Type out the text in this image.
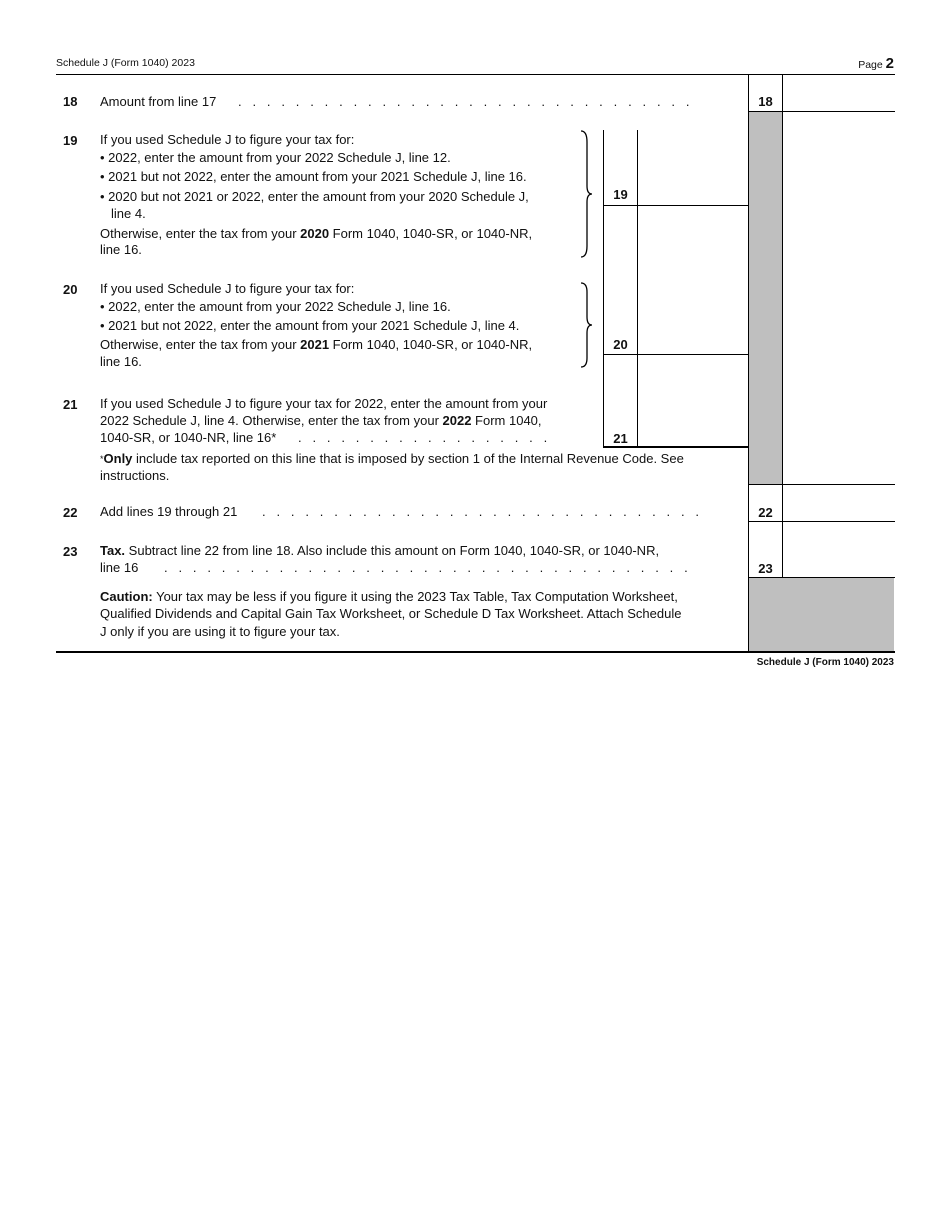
Schedule J (Form 1040) 2023	Page 2
18 Amount from line 17 .   .   .   .   .   .   .   .   .   .   .   .   .   .   .   .   .   .   .   .   .   .   .   .   .   .   .   .   .   .   .   .	18
19 If you used Schedule J to figure your tax for:
• 2022, enter the amount from your 2022 Schedule J, line 12.
• 2021 but not 2022, enter the amount from your 2021 Schedule J, line 16.
• 2020 but not 2021 or 2022, enter the amount from your 2020 Schedule J,
line 4.
Otherwise, enter the tax from your 2020 Form 1040, 1040-SR, or 1040-NR,
line 16.
19
20 If you used Schedule J to figure your tax for:
• 2022, enter the amount from your 2022 Schedule J, line 16.
• 2021 but not 2022, enter the amount from your 2021 Schedule J, line 4.
Otherwise, enter the tax from your 2021 Form 1040, 1040-SR, or 1040-NR,
line 16.
20
21 If you used Schedule J to figure your tax for 2022, enter the amount from your
2022 Schedule J, line 4. Otherwise, enter the tax from your 2022 Form 1040,
1040-SR, or 1040-NR, line 16* .   .   .   .   .   .   .   .   .   .   .   .   .   .   .   .   .   .	21
*Only include tax reported on this line that is imposed by section 1 of the Internal Revenue Code. See
instructions.
22 Add lines 19 through 21 .   .   .   .   .   .   .   .   .   .   .   .   .   .   .   .   .   .   .   .   .   .   .   .   .   .   .   .   .   .   .	22
23 Tax. Subtract line 22 from line 18. Also include this amount on Form 1040, 1040-SR, or 1040-NR,
line 16 .   .   .   .   .   .   .   .   .   .   .   .   .   .   .   .   .   .   .   .   .   .   .   .   .   .   .   .   .   .   .   .   .   .   .   .   .	23
Caution: Your tax may be less if you figure it using the 2023 Tax Table, Tax Computation Worksheet,
Qualified Dividends and Capital Gain Tax Worksheet, or Schedule D Tax Worksheet. Attach Schedule
J only if you are using it to figure your tax.
Schedule J (Form 1040) 2023
